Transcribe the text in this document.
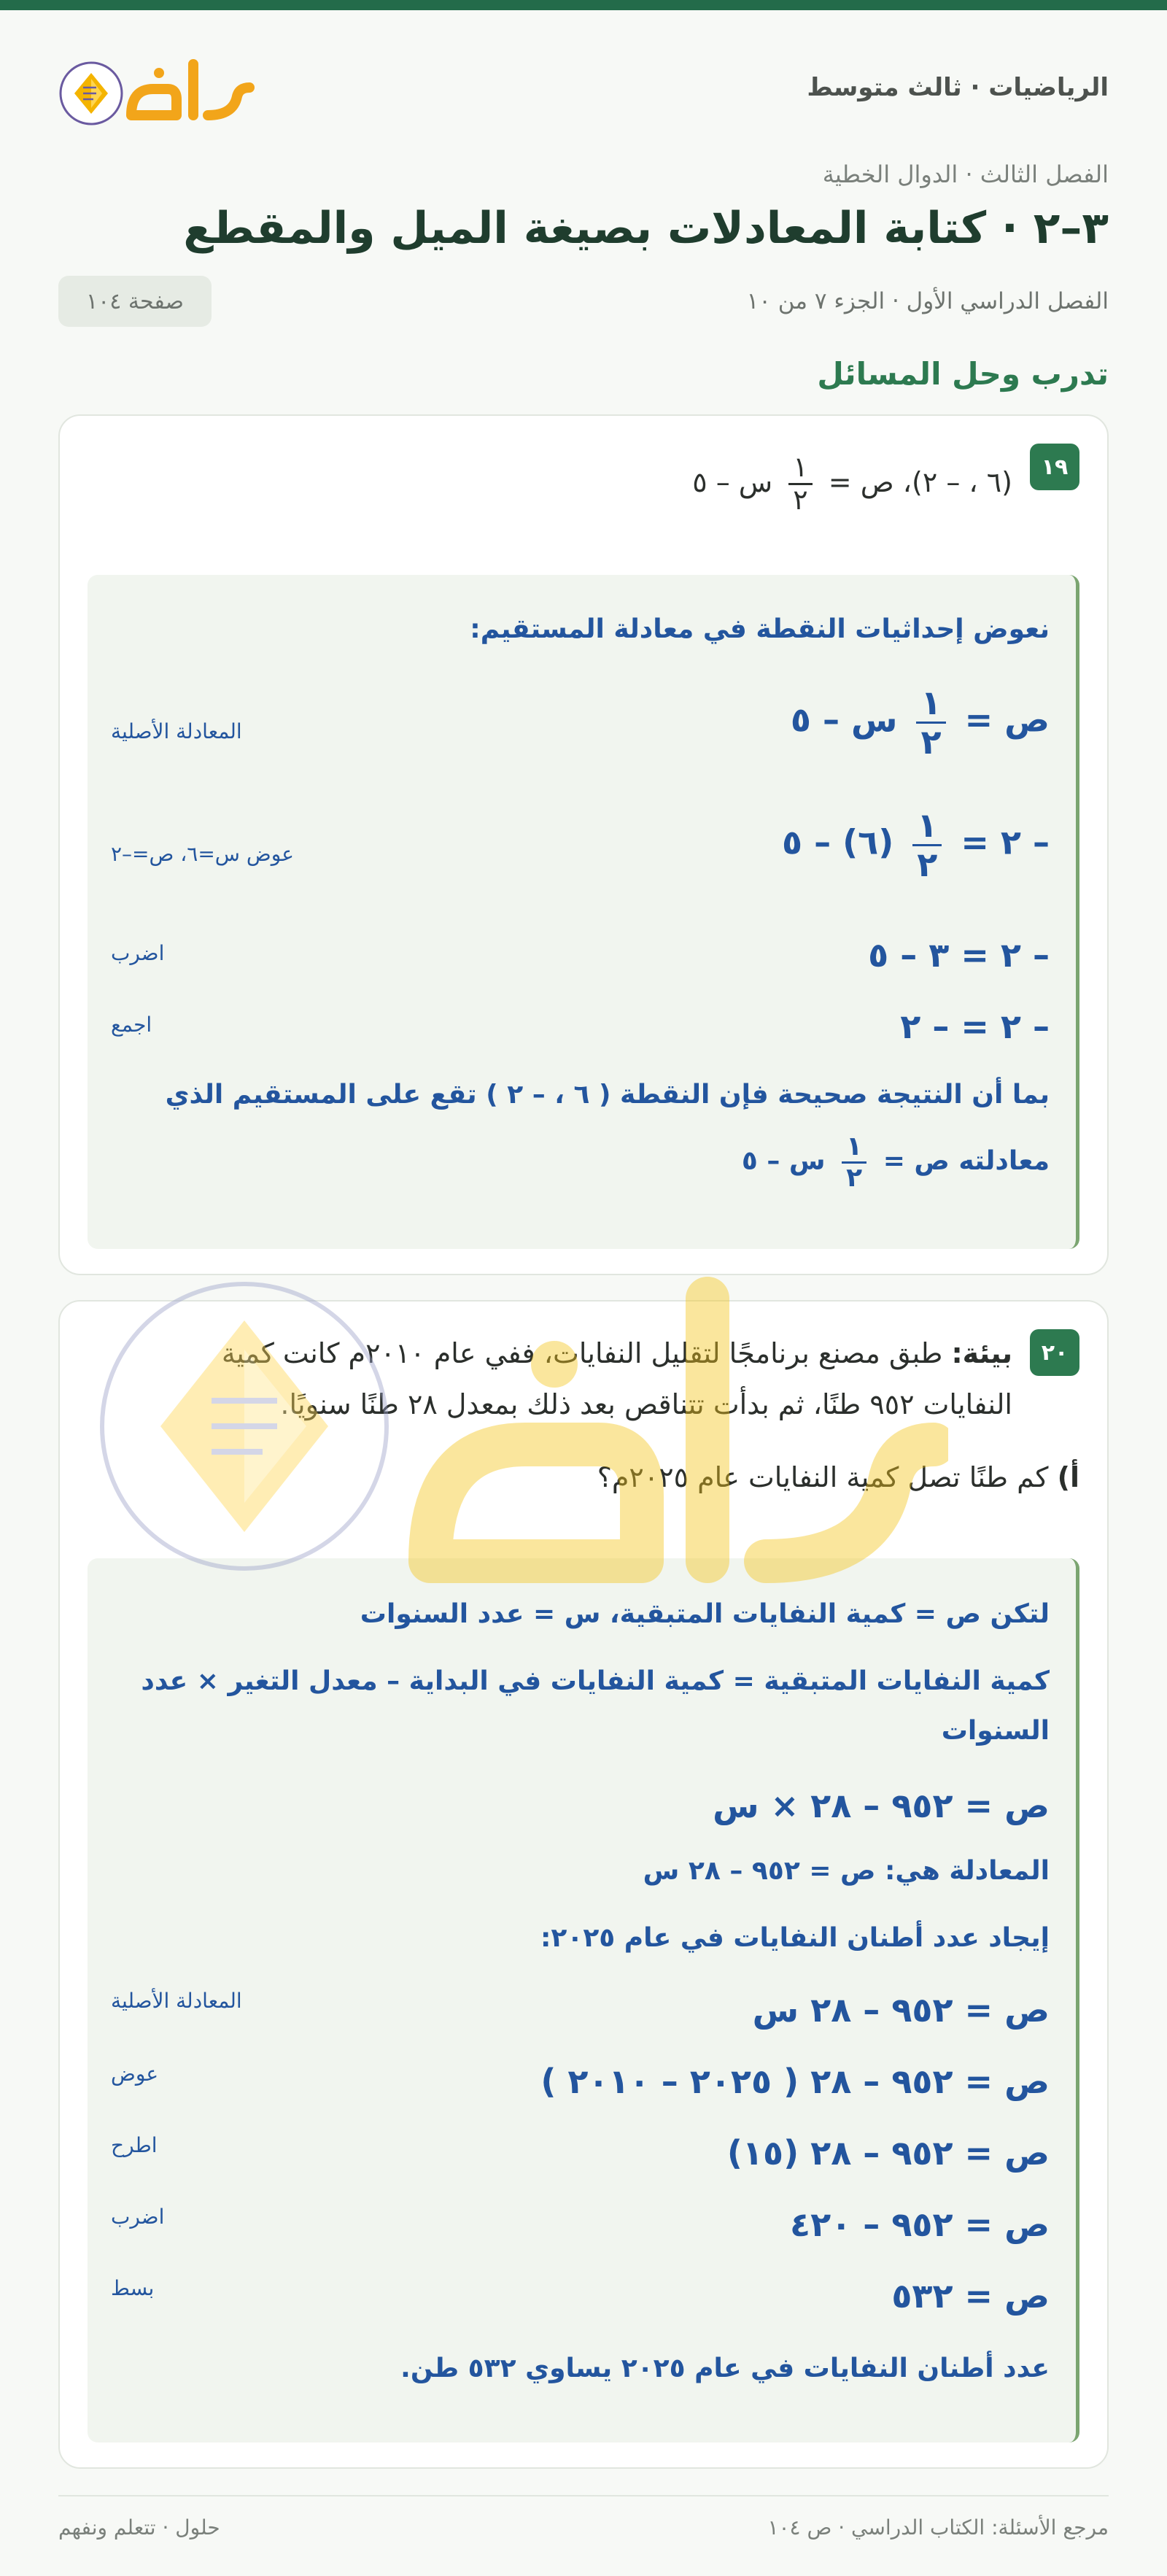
الرياضيات · ثالث متوسط
الفصل الثالث · الدوال الخطية
٣–٢ · كتابة المعادلات بصيغة الميل والمقطع
الفصل الدراسي الأول · الجزء ٧ من ١٠
صفحة ١٠٤
تدرب وحل المسائل
١٩
(٦ ، – ٢)، ص =
$\frac{١}{٢}$
س – ٥
نعوض إحداثيات النقطة في معادلة المستقيم:
ص =
$\frac{١}{٢}$
س – ٥
المعادلة الأصلية
– ٢ =
$\frac{١}{٢}$
(٦) – ٥
عوض س=٦، ص=–٢
– ٢ = ٣ – ٥
اضرب
– ٢ = – ٢
اجمع
بما أن النتيجة صحيحة فإن النقطة ( ٦ ، – ٢ ) تقع على المستقيم الذي
معادلته ص =
$\frac{١}{٢}$
س – ٥
٢٠
بيئة: طبق مصنع برنامجًا لتقليل النفايات، ففي عام ٢٠١٠م كانت كمية
النفايات ٩٥٢ طنًا، ثم بدأت تتناقص بعد ذلك بمعدل ٢٨ طنًا سنويًا.
أ) كم طنًا تصل كمية النفايات عام ٢٠٢٥م؟
لتكن ص = كمية النفايات المتبقية، س = عدد السنوات
كمية النفايات المتبقية = كمية النفايات في البداية – معدل التغير × عدد
السنوات
ص = ٩٥٢ – ٢٨ × س
المعادلة هي: ص = ٩٥٢ – ٢٨ س
إيجاد عدد أطنان النفايات في عام ٢٠٢٥:
ص = ٩٥٢ – ٢٨ س
المعادلة الأصلية
ص = ٩٥٢ – ٢٨ ( ٢٠٢٥ – ٢٠١٠ )
عوض
ص = ٩٥٢ – ٢٨ (١٥)
اطرح
ص = ٩٥٢ – ٤٢٠
اضرب
ص = ٥٣٢
بسط
عدد أطنان النفايات في عام ٢٠٢٥ يساوي ٥٣٢ طن.
مرجع الأسئلة: الكتاب الدراسي · ص ١٠٤
حلول · تتعلم ونفهم
